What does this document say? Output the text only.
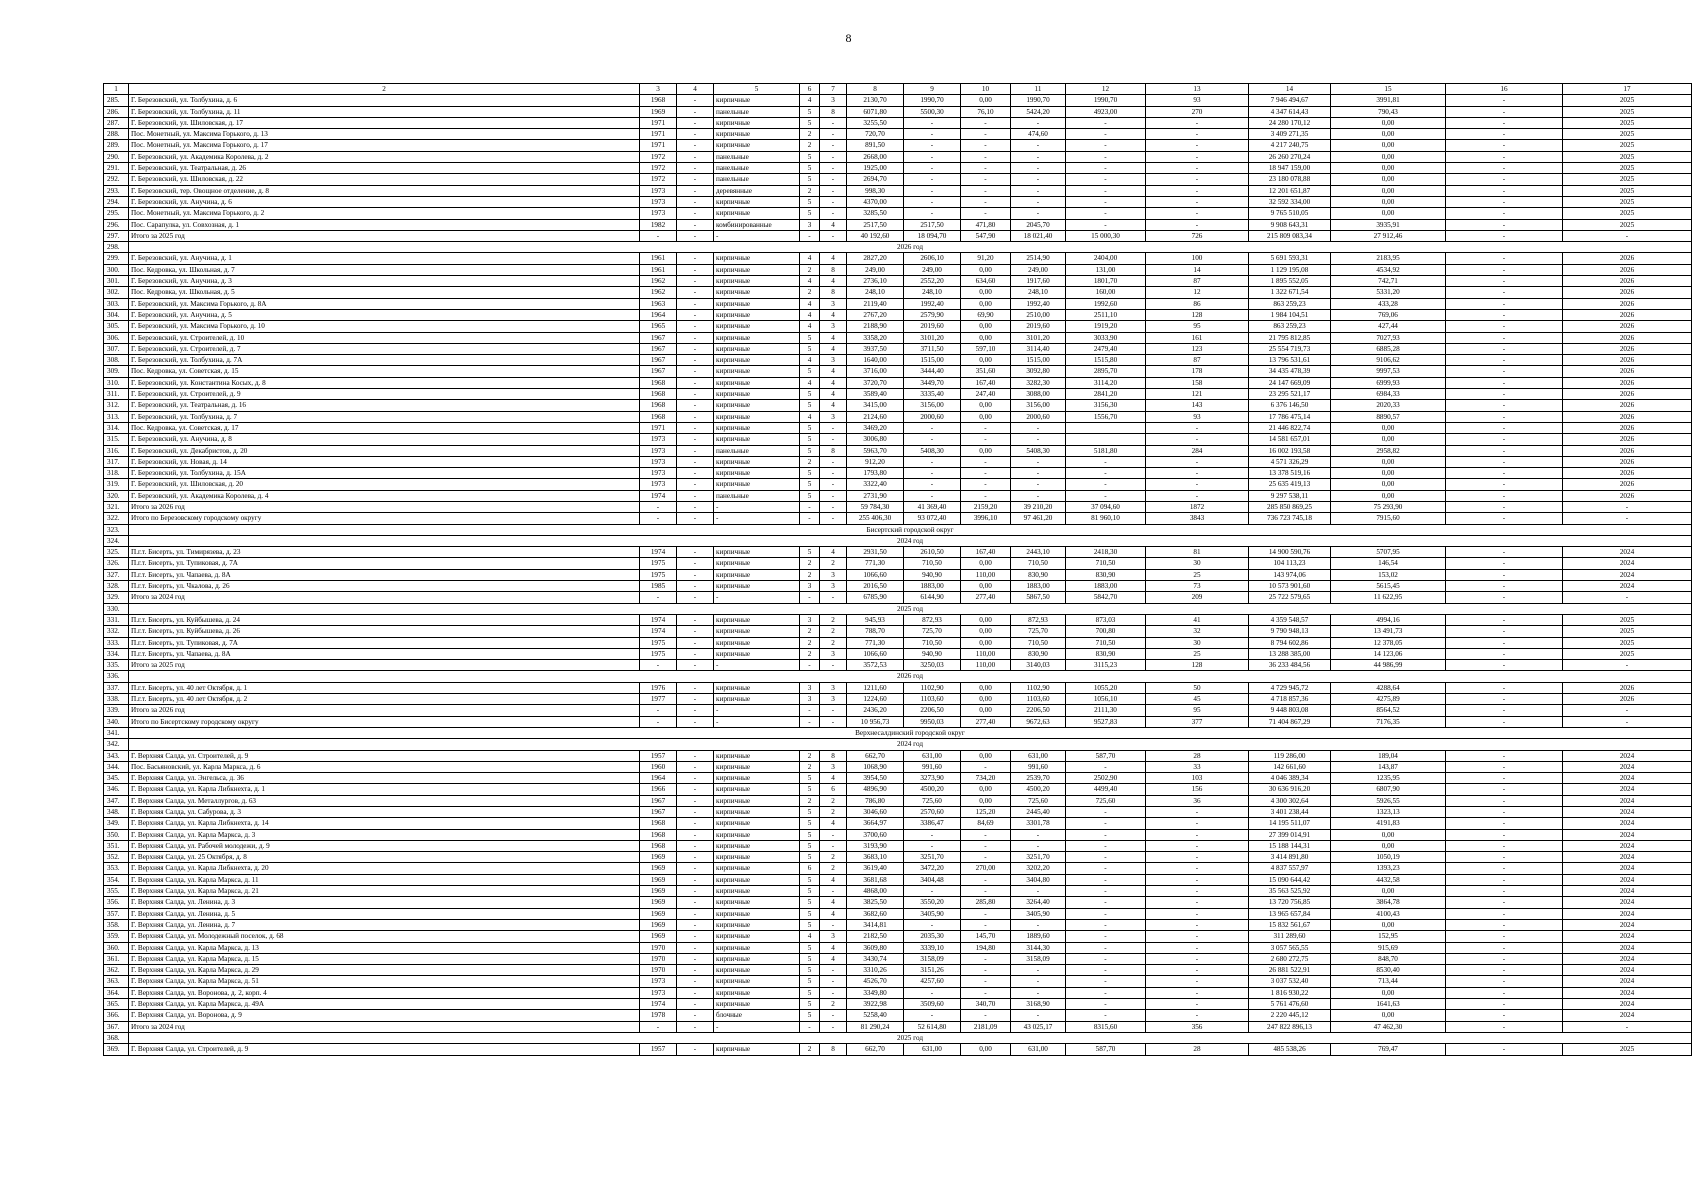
8
1	2	3	4	5	6	7	8	9	10	11	12	13	14	15	16	17
285.	Г. Березовский, ул. Толбухина, д. 6	1968	-	кирпичные	4	3	2130,70	1990,70	0,00	1990,70	1990,70	93	7 946 494,67	3991,81	-	2025
286.	Г. Березовский, ул. Толбухина, д. 11	1969	-	панельные	5	8	6071,80	5500,30	76,10	5424,20	4923,00	270	4 347 614,43	790,43	-	2025
287.	Г. Березовский, ул. Шиловская, д. 17	1971	-	кирпичные	5	-	3255,50	-	-	-	-	-	24 280 170,12	0,00	-	2025
288.	Пос. Монетный, ул. Максима Горького, д. 13	1971	-	кирпичные	2	-	720,70	-	-	474,60	-	-	3 409 271,35	0,00	-	2025
289.	Пос. Монетный, ул. Максима Горького, д. 17	1971	-	кирпичные	2	-	891,50	-	-	-	-	-	4 217 240,75	0,00	-	2025
290.	Г. Березовский, ул. Академика Королева, д. 2	1972	-	панельные	5	-	2668,00	-	-	-	-	-	26 260 270,24	0,00	-	2025
291.	Г. Березовский, ул. Театральная, д. 26	1972	-	панельные	5	-	1925,00	-	-	-	-	-	18 947 159,00	0,00	-	2025
292.	Г. Березовский, ул. Шиловская, д. 22	1972	-	панельные	5	-	2694,70	-	-	-	-	-	23 180 078,88	0,00	-	2025
293.	Г. Березовский, тер. Овощное отделение, д. 8	1973	-	деревянные	2	-	998,30	-	-	-	-	-	12 201 651,87	0,00	-	2025
294.	Г. Березовский, ул. Анучина, д. 6	1973	-	кирпичные	5	-	4370,00	-	-	-	-	-	32 592 334,00	0,00	-	2025
295.	Пос. Монетный, ул. Максима Горького, д. 2	1973	-	кирпичные	5	-	3285,50	-	-	-	-	-	9 765 510,05	0,00	-	2025
296.	Пос. Сарапулка, ул. Совхозная, д. 1	1982	-	комбинированные	3	4	2517,50	2517,50	471,80	2045,70	-	-	9 908 643,31	3935,91	-	2025
297.	Итого за 2025 год	-	-	-	-	-	40 192,60	18 094,70	547,90	18 021,40	15 000,30	726	215 809 083,34	27 912,46	-	-
298.	2026 год															
299.	Г. Березовский, ул. Анучина, д. 1	1961	-	кирпичные	4	4	2827,20	2606,10	91,20	2514,90	2404,00	100	5 691 593,31	2183,95	-	2026
300.	Пос. Кедровка, ул. Школьная, д. 7	1961	-	кирпичные	2	8	249,00	249,00	0,00	249,00	131,00	14	1 129 195,08	4534,92	-	2026
301.	Г. Березовский, ул. Анучина, д. 3	1962	-	кирпичные	4	4	2736,10	2552,20	634,60	1917,60	1801,70	87	1 895 552,05	742,71	-	2026
302.	Пос. Кедровка, ул. Школьная, д. 5	1962	-	кирпичные	2	8	248,10	248,10	0,00	248,10	160,00	12	1 322 671,54	5331,20	-	2026
303.	Г. Березовский, ул. Максима Горького, д. 8А	1963	-	кирпичные	4	3	2119,40	1992,40	0,00	1992,40	1992,60	86	863 259,23	433,28	-	2026
304.	Г. Березовский, ул. Анучина, д. 5	1964	-	кирпичные	4	4	2767,20	2579,90	69,90	2510,00	2511,10	128	1 984 104,51	769,06	-	2026
305.	Г. Березовский, ул. Максима Горького, д. 10	1965	-	кирпичные	4	3	2188,90	2019,60	0,00	2019,60	1919,20	95	863 259,23	427,44	-	2026
306.	Г. Березовский, ул. Строителей, д. 10	1967	-	кирпичные	5	4	3358,20	3101,20	0,00	3101,20	3033,90	161	21 795 812,85	7027,93	-	2026
307.	Г. Березовский, ул. Строителей, д. 7	1967	-	кирпичные	5	4	3937,50	3711,50	597,10	3114,40	2479,40	123	25 554 719,73	6885,28	-	2026
308.	Г. Березовский, ул. Толбухина, д. 7А	1967	-	кирпичные	4	3	1640,00	1515,00	0,00	1515,00	1515,80	87	13 796 531,61	9106,62	-	2026
309.	Пос. Кедровка, ул. Советская, д. 15	1967	-	кирпичные	5	4	3716,00	3444,40	351,60	3092,80	2895,70	178	34 435 478,39	9997,53	-	2026
310.	Г. Березовский, ул. Константина Косых, д. 8	1968	-	кирпичные	4	4	3720,70	3449,70	167,40	3282,30	3114,20	158	24 147 669,09	6999,93	-	2026
311.	Г. Березовский, ул. Строителей, д. 9	1968	-	кирпичные	5	4	3589,40	3335,40	247,40	3088,00	2841,20	121	23 295 521,17	6984,33	-	2026
312.	Г. Березовский, ул. Театральная, д. 16	1968	-	кирпичные	5	4	3415,00	3156,00	0,00	3156,00	3156,30	143	6 376 146,50	2020,33	-	2026
313.	Г. Березовский, ул. Толбухина, д. 7	1968	-	кирпичные	4	3	2124,60	2000,60	0,00	2000,60	1556,70	93	17 786 475,14	8890,57	-	2026
314.	Пос. Кедровка, ул. Советская, д. 17	1971	-	кирпичные	5	-	3469,20	-	-	-		-	21 446 822,74	0,00	-	2026
315.	Г. Березовский, ул. Анучина, д. 8	1973	-	кирпичные	5	-	3006,80	-	-	-		-	14 581 657,01	0,00	-	2026
316.	Г. Березовский, ул. Декабристов, д. 20	1973	-	панельные	5	8	5963,70	5408,30	0,00	5408,30	5181,80	284	16 002 193,58	2958,82	-	2026
317.	Г. Березовский, ул. Новая, д. 14	1973	-	кирпичные	2	-	912,20	-	-	-	-	-	4 571 326,29	0,00	-	2026
318.	Г. Березовский, ул. Толбухина, д. 15А	1973	-	кирпичные	5	-	1793,80	-	-	-	-	-	13 378 519,16	0,00	-	2026
319.	Г. Березовский, ул. Шиловская, д. 20	1973	-	кирпичные	5	-	3322,40	-	-	-	-	-	25 635 419,13	0,00	-	2026
320.	Г. Березовский, ул. Академика Королева, д. 4	1974	-	панельные	5	-	2731,90	-	-	-	-	-	9 297 538,11	0,00	-	2026
321.	Итого за 2026 год	-	-	-	-	-	59 784,30	41 369,40	2159,20	39 210,20	37 094,60	1872	285 850 869,25	75 293,90	-	-
322.	Итого по Березовскому городскому округу	-	-	-	-	-	255 406,30	93 072,40	3996,10	97 461,20	81 960,10	3843	736 723 745,18	7915,60	-	-
323.	Бисертский городской округ															
324.	2024 год															
325.	П.г.т. Бисерть, ул. Тимирязева, д. 23	1974	-	кирпичные	5	4	2931,50	2610,50	167,40	2443,10	2418,30	81	14 900 590,76	5707,95	-	2024
326.	П.г.т. Бисерть, ул. Тупиковая, д. 7А	1975	-	кирпичные	2	2	771,30	710,50	0,00	710,50	710,50	30	104 113,23	146,54	-	2024
327.	П.г.т. Бисерть, ул. Чапаева, д. 8А	1975	-	кирпичные	2	3	1066,60	940,90	110,00	830,90	830,90	25	143 974,06	153,02	-	2024
328.	П.г.т. Бисерть, ул. Чкалова, д. 26	1985	-	кирпичные	3	3	2016,50	1883,00	0,00	1883,00	1883,00	73	10 573 901,60	5615,45	-	2024
329.	Итого за 2024 год	-	-	-	-	-	6785,90	6144,90	277,40	5867,50	5842,70	209	25 722 579,65	11 622,95	-	-
330.	2025 год															
331.	П.г.т. Бисерть, ул. Куйбышева, д. 24	1974	-	кирпичные	3	2	945,93	872,93	0,00	872,93	873,03	41	4 359 548,57	4994,16	-	2025
332.	П.г.т. Бисерть, ул. Куйбышева, д. 26	1974	-	кирпичные	2	2	788,70	725,70	0,00	725,70	700,80	32	9 790 948,13	13 491,73	-	2025
333.	П.г.т. Бисерть, ул. Тупиковая, д. 7А	1975	-	кирпичные	2	2	771,30	710,50	0,00	710,50	710,50	30	8 794 602,86	12 378,05	-	2025
334.	П.г.т. Бисерть, ул. Чапаева, д. 8А	1975	-	кирпичные	2	3	1066,60	940,90	110,00	830,90	830,90	25	13 288 385,00	14 123,06	-	2025
335.	Итого за 2025 год	-	-	-	-	-	3572,53	3250,03	110,00	3140,03	3115,23	128	36 233 484,56	44 986,99	-	-
336.	2026 год															
337.	П.г.т. Бисерть, ул. 40 лет Октября, д. 1	1976	-	кирпичные	3	3	1211,60	1102,90	0,00	1102,90	1055,20	50	4 729 945,72	4288,64	-	2026
338.	П.г.т. Бисерть, ул. 40 лет Октября, д. 2	1977	-	кирпичные	3	3	1224,60	1103,60	0,00	1103,60	1056,10	45	4 718 857,36	4275,89	-	2026
339.	Итого за 2026 год	-	-	-	-	-	2436,20	2206,50	0,00	2206,50	2111,30	95	9 448 803,08	8564,52	-	-
340.	Итого по Бисертскому городскому округу	-	-	-	-	-	10 956,73	9950,03	277,40	9672,63	9527,83	377	71 404 867,29	7176,35	-	-
341.	Верхнесалдинский городской округ															
342.	2024 год															
343.	Г. Верхняя Салда, ул. Строителей, д. 9	1957	-	кирпичные	2	8	662,70	631,00	0,00	631,00	587,70	28	119 286,00	189,04	-	2024
344.	Пос. Басьяновский, ул. Карла Маркса, д. 6	1960	-	кирпичные	2	3	1068,90	991,60	-	991,60	-	33	142 661,60	143,87	-	2024
345.	Г. Верхняя Салда, ул. Энгельса, д. 36	1964	-	кирпичные	5	4	3954,50	3273,90	734,20	2539,70	2502,90	103	4 046 389,34	1235,95	-	2024
346.	Г. Верхняя Салда, ул. Карла Либкнехта, д. 1	1966	-	кирпичные	5	6	4896,90	4500,20	0,00	4500,20	4499,40	156	30 636 916,20	6807,90	-	2024
347.	Г. Верхняя Салда, ул. Металлургов, д. 63	1967	-	кирпичные	2	2	786,80	725,60	0,00	725,60	725,60	36	4 300 302,64	5926,55	-	2024
348.	Г. Верхняя Салда, ул. Сабурова, д. 3	1967	-	кирпичные	5	2	3046,60	2570,60	125,20	2445,40	-	-	3 401 238,44	1323,13	-	2024
349.	Г. Верхняя Салда, ул. Карла Либкнехта, д. 14	1968	-	кирпичные	5	4	3664,97	3386,47	84,69	3301,78	-	-	14 195 511,07	4191,83	-	2024
350.	Г. Верхняя Салда, ул. Карла Маркса, д. 3	1968	-	кирпичные	5	-	3700,60	-	-	-	-	-	27 399 014,91	0,00	-	2024
351.	Г. Верхняя Салда, ул. Рабочей молодежи, д. 9	1968	-	кирпичные	5	-	3193,90	-	-	-	-	-	15 188 144,31	0,00	-	2024
352.	Г. Верхняя Салда, ул. 25 Октября, д. 8	1969	-	кирпичные	5	2	3683,10	3251,70	-	3251,70	-	-	3 414 891,80	1050,19	-	2024
353.	Г. Верхняя Салда, ул. Карла Либкнехта, д. 20	1969	-	кирпичные	6	2	3619,40	3472,20	270,00	3202,20	-	-	4 837 557,97	1393,23	-	2024
354.	Г. Верхняя Салда, ул. Карла Маркса, д. 11	1969	-	кирпичные	5	4	3681,68	3404,48	-	3404,80	-	-	15 090 644,42	4432,58	-	2024
355.	Г. Верхняя Салда, ул. Карла Маркса, д. 21	1969	-	кирпичные	5	-	4868,00	-	-	-	-	-	35 563 525,92	0,00	-	2024
356.	Г. Верхняя Салда, ул. Ленина, д. 3	1969	-	кирпичные	5	4	3825,50	3550,20	285,80	3264,40	-	-	13 720 756,85	3864,78	-	2024
357.	Г. Верхняя Салда, ул. Ленина, д. 5	1969	-	кирпичные	5	4	3682,60	3405,90	-	3405,90	-	-	13 965 657,84	4100,43	-	2024
358.	Г. Верхняя Салда, ул. Ленина, д. 7	1969	-	кирпичные	5	-	3414,81	-	-	-	-	-	15 832 561,67	0,00	-	2024
359.	Г. Верхняя Салда, ул. Молодежный поселок, д. 68	1969	-	кирпичные	4	3	2182,50	2035,30	145,70	1889,60	-	-	311 289,60	152,95	-	2024
360.	Г. Верхняя Салда, ул. Карла Маркса, д. 13	1970	-	кирпичные	5	4	3609,80	3339,10	194,80	3144,30	-	-	3 057 565,55	915,69	-	2024
361.	Г. Верхняя Салда, ул. Карла Маркса, д. 15	1970	-	кирпичные	5	4	3430,74	3158,09	-	3158,09	-	-	2 680 272,75	848,70	-	2024
362.	Г. Верхняя Салда, ул. Карла Маркса, д. 29	1970	-	кирпичные	5	-	3310,26	3151,26	-	-	-	-	26 881 522,91	8530,40	-	2024
363.	Г. Верхняя Салда, ул. Карла Маркса, д. 51	1973	-	кирпичные	5	-	4526,70	4257,60	-	-	-	-	3 037 532,40	713,44	-	2024
364.	Г. Верхняя Салда, ул. Воронова, д. 2, корп. 4	1973	-	кирпичные	5	-	3349,80	-	-	-	-	-	1 816 930,22	0,00	-	2024
365.	Г. Верхняя Салда, ул. Карла Маркса, д. 49А	1974	-	кирпичные	5	2	3922,98	3509,60	340,70	3168,90	-	-	5 761 476,60	1641,63	-	2024
366.	Г. Верхняя Салда, ул. Воронова, д. 9	1978	-	блочные	5	-	5258,40	-	-	-	-	-	2 220 445,12	0,00	-	2024
367.	Итого за 2024 год	-	-	-	-	-	81 290,24	52 614,80	2181,09	43 025,17	8315,60	356	247 822 896,13	47 462,30	-	-
368.	2025 год															
369.	Г. Верхняя Салда, ул. Строителей, д. 9	1957	-	кирпичные	2	8	662,70	631,00	0,00	631,00	587,70	28	485 538,26	769,47	-	2025
